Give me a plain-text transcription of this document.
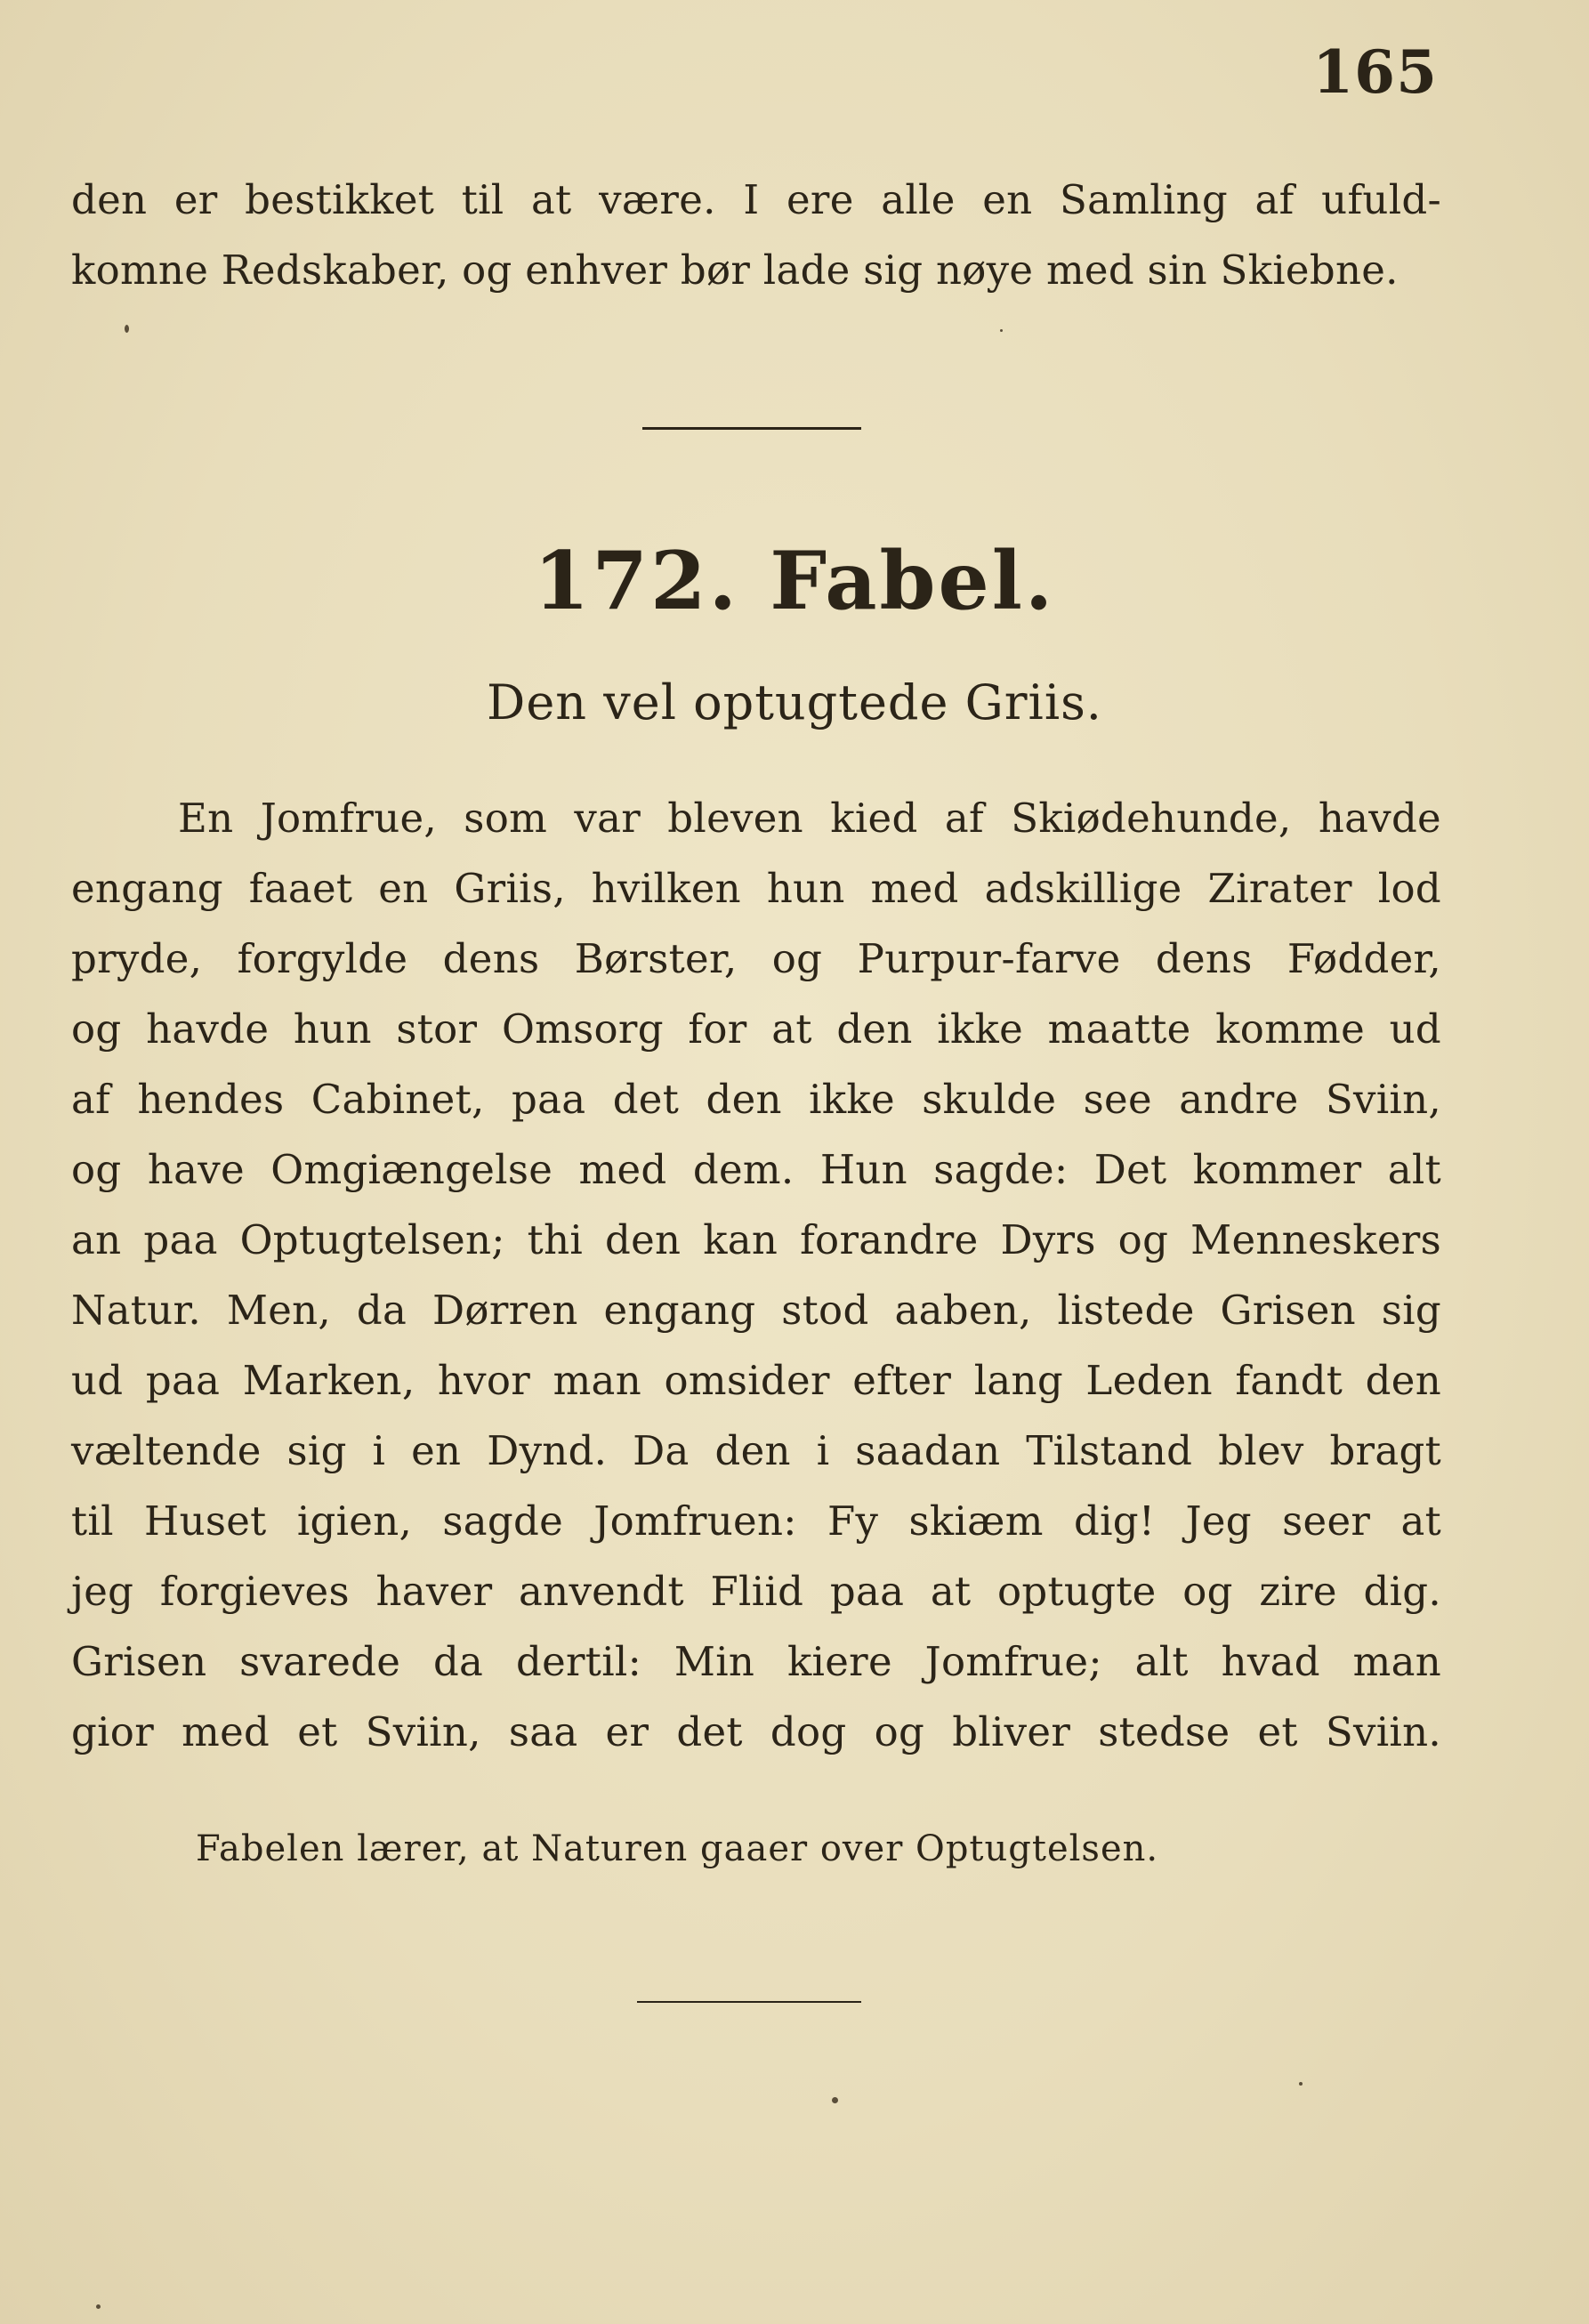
165
den er bestikket til at være. I ere alle en Samling af ufuld-
komne Redskaber, og enhver bør lade sig nøye med sin Skiebne.
172. Fabel.
Den vel optugtede Griis.
En Jomfrue, som var bleven kied af Skiødehunde, havde
engang faaet en Griis, hvilken hun med adskillige Zirater lod
pryde, forgylde dens Børster, og Purpur-farve dens Fødder,
og havde hun stor Omsorg for at den ikke maatte komme ud
af hendes Cabinet, paa det den ikke skulde see andre Sviin,
og have Omgiængelse med dem. Hun sagde: Det kommer alt
an paa Optugtelsen; thi den kan forandre Dyrs og Menneskers
Natur. Men, da Dørren engang stod aaben, listede Grisen sig
ud paa Marken, hvor man omsider efter lang Leden fandt den
væltende sig i en Dynd. Da den i saadan Tilstand blev bragt
til Huset igien, sagde Jomfruen: Fy skiæm dig! Jeg seer at
jeg forgieves haver anvendt Fliid paa at optugte og zire dig.
Grisen svarede da dertil: Min kiere Jomfrue; alt hvad man
gior med et Sviin, saa er det dog og bliver stedse et Sviin.
Fabelen lærer, at Naturen gaaer over Optugtelsen.
